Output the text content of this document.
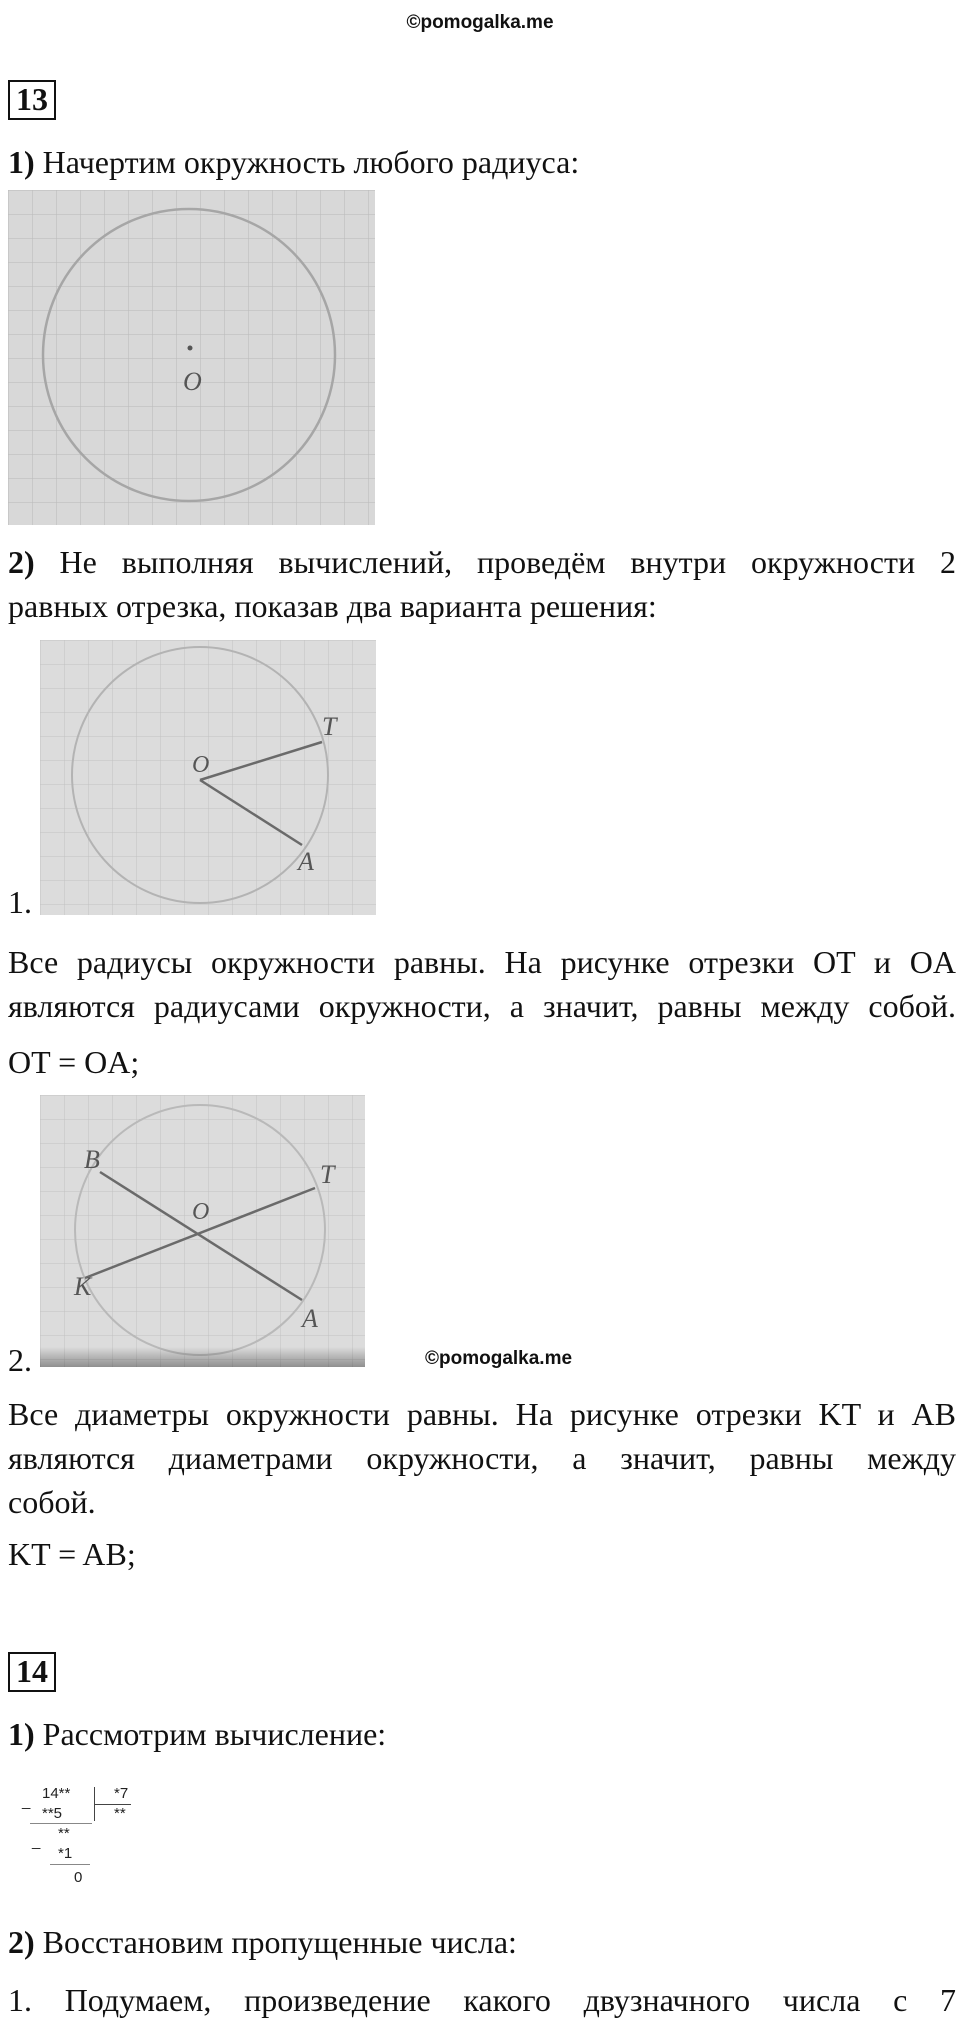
©pomogalka.me
13
1) Начертим окружность любого радиуса:
O
2) Не выполняя вычислений, проведём внутри окружности 2
равных отрезка, показав два варианта решения:
O
T
A
1.
Все радиусы окружности равны. На рисунке отрезки OT и OA
являются радиусами окружности, а значит, равны между собой.
OT = OA;
B
O
T
K
A
2.	©pomogalka.me
Все диаметры окружности равны. На рисунке отрезки KT и AB
являются диаметрами окружности, а значит, равны между
собой.
KT = AB;
14
1) Рассмотрим вычисление:
_ 14**	*7
**5	**
_ **
*1
0
2) Восстановим пропущенные числа:
1. Подумаем, произведение какого двузначного числа с 7
